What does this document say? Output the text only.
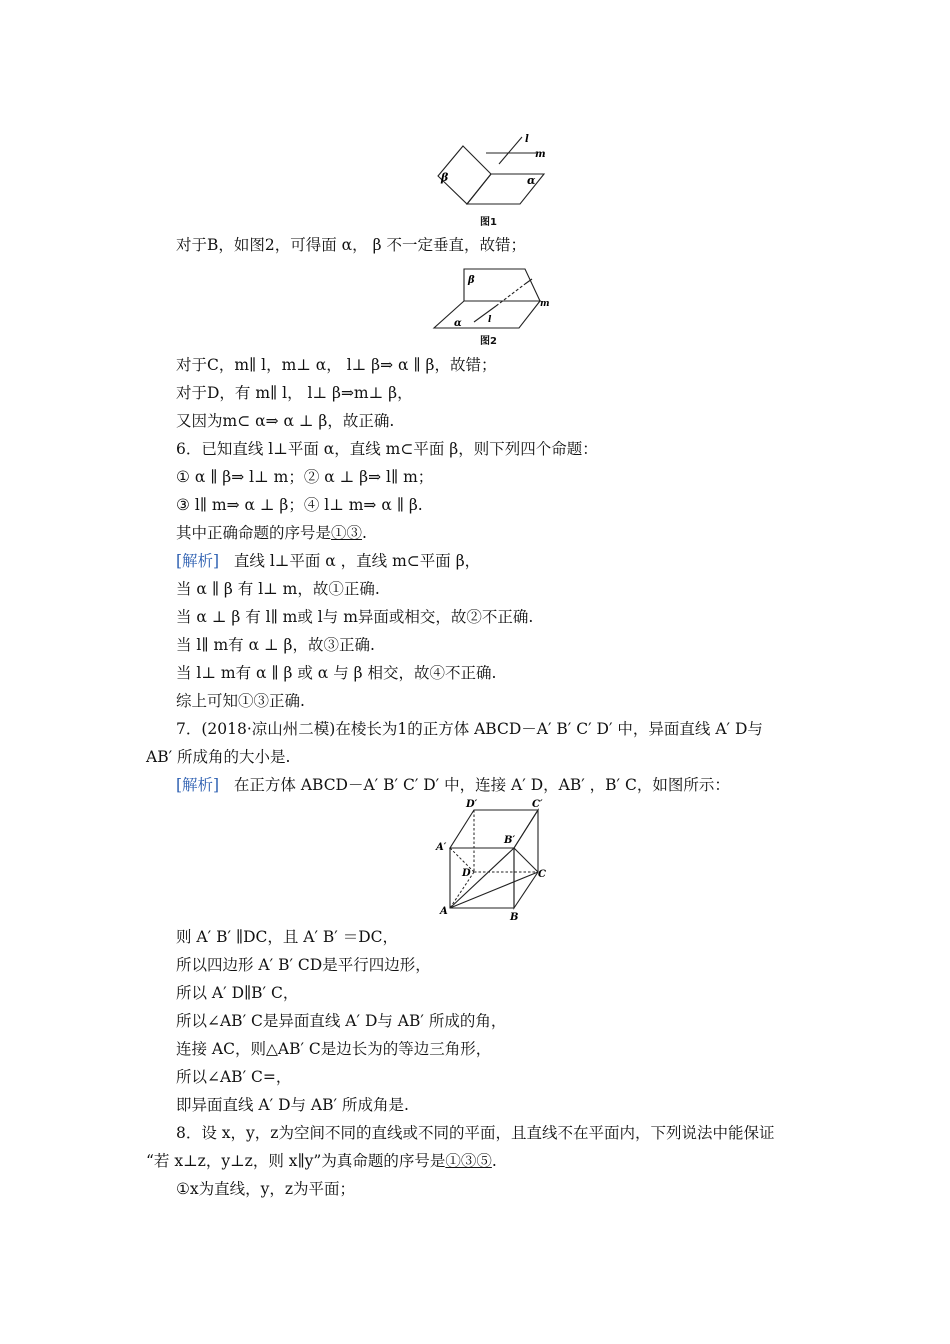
l
m
β	α
图1
对于B，如图2，可得面 α， β 不一定垂直，故错；
β
m
α	l
图2
对于C，m∥ l，m⊥ α， l⊥ β⇒ α ∥ β，故错；
对于D，有 m∥ l， l⊥ β⇒m⊥ β，
又因为m⊂ α⇒ α ⊥ β，故正确.
6．已知直线 l⊥平面 α，直线 m⊂平面 β，则下列四个命题：
① α ∥ β⇒ l⊥ m；② α ⊥ β⇒ l∥ m；
③ l∥ m⇒ α ⊥ β；④ l⊥ m⇒ α ∥ β.
其中正确命题的序号是①③.
[解析] 直线 l⊥平面 α ，直线 m⊂平面 β，
当 α ∥ β 有 l⊥ m，故①正确.
当 α ⊥ β 有 l∥ m或 l与 m异面或相交，故②不正确.
当 l∥ m有 α ⊥ β，故③正确.
当 l⊥ m有 α ∥ β 或 α 与 β 相交，故④不正确.
综上可知①③正确.
7．(2018·凉山州二模)在棱长为1的正方体 ABCD－A′ B′ C′ D′ 中，异面直线 A′ D与
AB′ 所成角的大小是.
[解析] 在正方体 ABCD－A′ B′ C′ D′ 中，连接 A′ D，AB′ ，B′ C，如图所示：
D′	C′
B′
A′
D	C
A
B
则 A′ B′ ∥DC，且 A′ B′ ＝DC，
所以四边形 A′ B′ CD是平行四边形，
所以 A′ D∥B′ C，
所以∠AB′ C是异面直线 A′ D与 AB′ 所成的角，
连接 AC，则△AB′ C是边长为的等边三角形，
所以∠AB′ C=，
即异面直线 A′ D与 AB′ 所成角是.
8．设 x，y，z为空间不同的直线或不同的平面，且直线不在平面内，下列说法中能保证
“若 x⊥z，y⊥z，则 x∥y”为真命题的序号是①③⑤.
①x为直线，y，z为平面；
